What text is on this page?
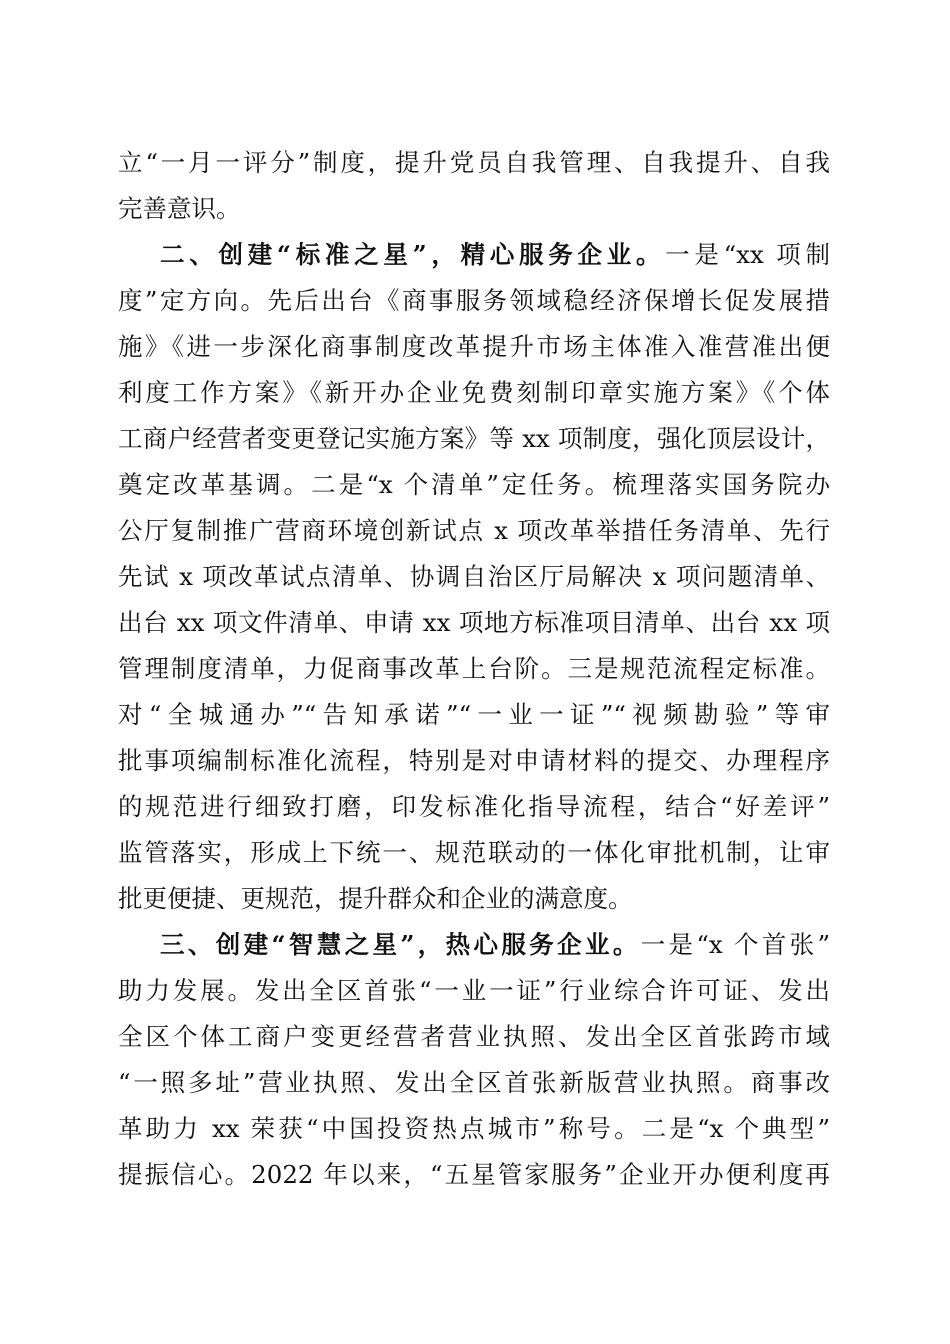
立“一月一评分”制度，提升党员自我管理、自我提升、自我
完善意识。
二、创建“标准之星”，精心服务企业。一是“xx 项制
度”定方向。先后出台《商事服务领域稳经济保增长促发展措
施》《进一步深化商事制度改革提升市场主体准入准营准出便
利度工作方案》《新开办企业免费刻制印章实施方案》《个体
工商户经营者变更登记实施方案》等 xx 项制度，强化顶层设计，
奠定改革基调。二是“x 个清单”定任务。梳理落实国务院办
公厅复制推广营商环境创新试点 x 项改革举措任务清单、先行
先试 x 项改革试点清单、协调自治区厅局解决 x 项问题清单、
出台 xx 项文件清单、申请 xx 项地方标准项目清单、出台 xx 项
管理制度清单，力促商事改革上台阶。三是规范流程定标准。
对“全城通办”“告知承诺”“一业一证”“视频勘验”等审
批事项编制标准化流程，特别是对申请材料的提交、办理程序
的规范进行细致打磨，印发标准化指导流程，结合“好差评”
监管落实，形成上下统一、规范联动的一体化审批机制，让审
批更便捷、更规范，提升群众和企业的满意度。
三、创建“智慧之星”，热心服务企业。一是“x 个首张”
助力发展。发出全区首张“一业一证”行业综合许可证、发出
全区个体工商户变更经营者营业执照、发出全区首张跨市域
“一照多址”营业执照、发出全区首张新版营业执照。商事改
革助力 xx 荣获“中国投资热点城市”称号。二是“x 个典型”
提振信心。2022 年以来，“五星管家服务”企业开办便利度再
